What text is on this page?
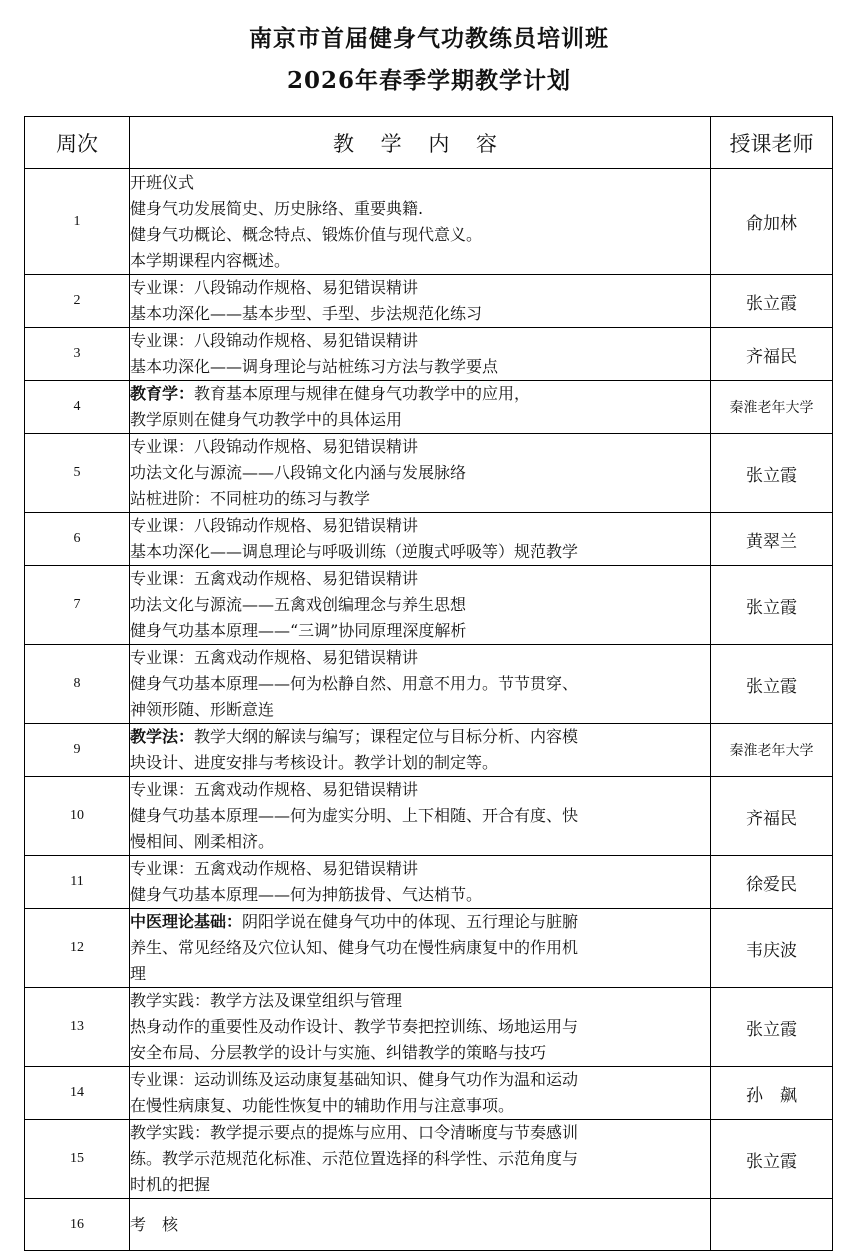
南京市首届健身气功教练员培训班
2026年春季学期教学计划
周次	教 学 内 容	授课老师
1	开班仪式
健身气功发展简史、历史脉络、重要典籍.
健身气功概论、概念特点、锻炼价值与现代意义。
本学期课程内容概述。	俞加林
2	专业课：八段锦动作规格、易犯错误精讲
基本功深化——基本步型、手型、步法规范化练习	张立霞
3	专业课：八段锦动作规格、易犯错误精讲
基本功深化——调身理论与站桩练习方法与教学要点	齐福民
4	教育学：教育基本原理与规律在健身气功教学中的应用，
教学原则在健身气功教学中的具体运用	秦淮老年大学
5	专业课：八段锦动作规格、易犯错误精讲
功法文化与源流——八段锦文化内涵与发展脉络
站桩进阶：不同桩功的练习与教学	张立霞
6	专业课：八段锦动作规格、易犯错误精讲
基本功深化——调息理论与呼吸训练（逆腹式呼吸等）规范教学	黄翠兰
7	专业课：五禽戏动作规格、易犯错误精讲
功法文化与源流——五禽戏创编理念与养生思想
健身气功基本原理——“三调”协同原理深度解析	张立霞
8	专业课：五禽戏动作规格、易犯错误精讲
健身气功基本原理——何为松静自然、用意不用力。节节贯穿、
神领形随、形断意连	张立霞
9	教学法：教学大纲的解读与编写；课程定位与目标分析、内容模
块设计、进度安排与考核设计。教学计划的制定等。	秦淮老年大学
10	专业课：五禽戏动作规格、易犯错误精讲
健身气功基本原理——何为虚实分明、上下相随、开合有度、快
慢相间、刚柔相济。	齐福民
11	专业课：五禽戏动作规格、易犯错误精讲
健身气功基本原理——何为抻筋拔骨、气达梢节。	徐爱民
12	中医理论基础：阴阳学说在健身气功中的体现、五行理论与脏腑
养生、常见经络及穴位认知、健身气功在慢性病康复中的作用机
理	韦庆波
13	教学实践：教学方法及课堂组织与管理
热身动作的重要性及动作设计、教学节奏把控训练、场地运用与
安全布局、分层教学的设计与实施、纠错教学的策略与技巧	张立霞
14	专业课：运动训练及运动康复基础知识、健身气功作为温和运动
在慢性病康复、功能性恢复中的辅助作用与注意事项。	孙　飙
15	教学实践：教学提示要点的提炼与应用、口令清晰度与节奏感训
练。教学示范规范化标准、示范位置选择的科学性、示范角度与
时机的把握	张立霞
16	考　核	
